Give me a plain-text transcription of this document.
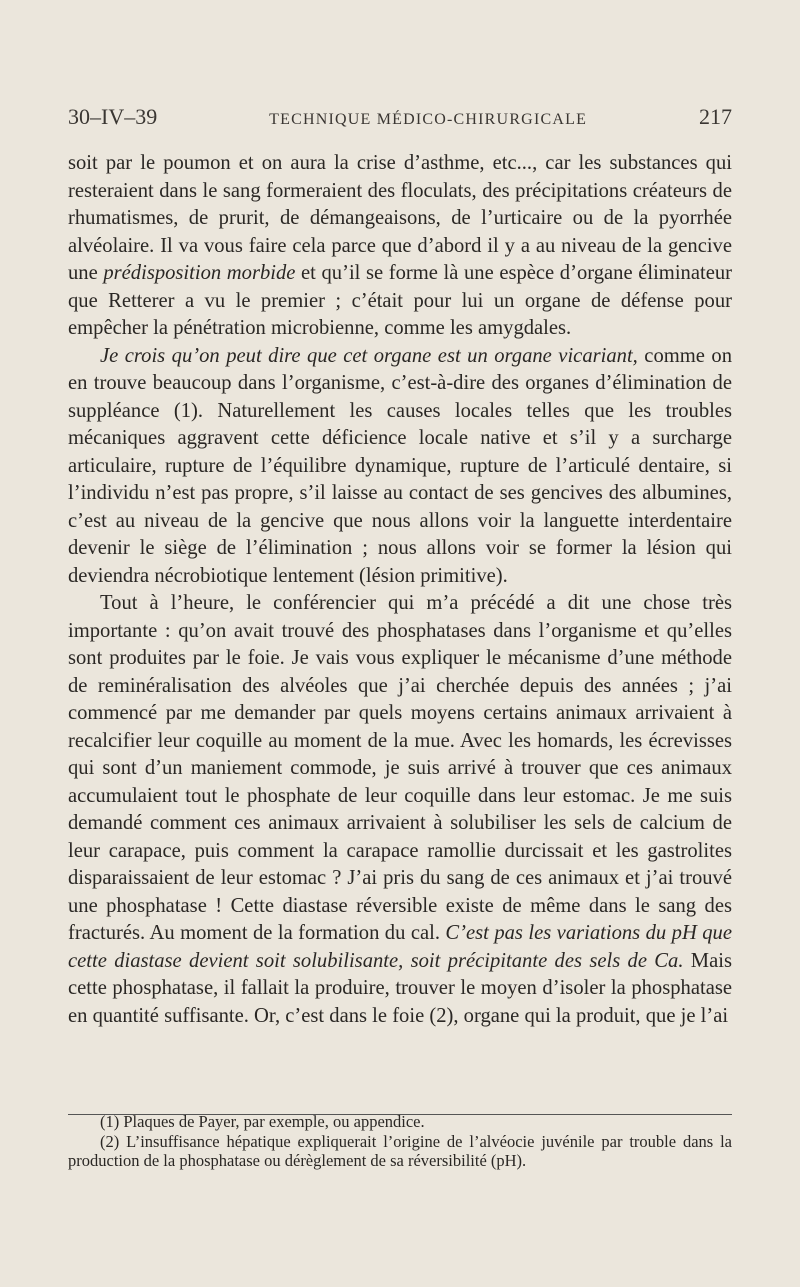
30–IV–39	TECHNIQUE MÉDICO-CHIRURGICALE	217

soit par le poumon et on aura la crise d’asthme, etc..., car les substances qui resteraient dans le sang formeraient des floculats, des précipitations créateurs de rhumatismes, de prurit, de démangeaisons, de l’urticaire ou de la pyorrhée alvéolaire. Il va vous faire cela parce que d’abord il y a au niveau de la gencive une prédisposition morbide et qu’il se forme là une espèce d’organe éliminateur que Retterer a vu le premier ; c’était pour lui un organe de défense pour empêcher la pénétration microbienne, comme les amygdales.

Je crois qu’on peut dire que cet organe est un organe vicariant, comme on en trouve beaucoup dans l’organisme, c’est-à-dire des organes d’élimination de suppléance (1). Naturellement les causes locales telles que les troubles mécaniques aggravent cette déficience locale native et s’il y a surcharge articulaire, rupture de l’équilibre dynamique, rupture de l’articulé dentaire, si l’individu n’est pas propre, s’il laisse au contact de ses gencives des albumines, c’est au niveau de la gencive que nous allons voir la languette interdentaire devenir le siège de l’élimination ; nous allons voir se former la lésion qui deviendra nécrobiotique lentement (lésion primitive).

Tout à l’heure, le conférencier qui m’a précédé a dit une chose très importante : qu’on avait trouvé des phosphatases dans l’organisme et qu’elles sont produites par le foie. Je vais vous expliquer le mécanisme d’une méthode de reminéralisation des alvéoles que j’ai cherchée depuis des années ; j’ai commencé par me demander par quels moyens certains animaux arrivaient à recalcifier leur coquille au moment de la mue. Avec les homards, les écrevisses qui sont d’un maniement commode, je suis arrivé à trouver que ces animaux accumulaient tout le phosphate de leur coquille dans leur estomac. Je me suis demandé comment ces animaux arrivaient à solubiliser les sels de calcium de leur carapace, puis comment la carapace ramollie durcissait et les gastrolites disparaissaient de leur estomac ? J’ai pris du sang de ces animaux et j’ai trouvé une phosphatase ! Cette diastase réversible existe de même dans le sang des fracturés. Au moment de la formation du cal. C’est pas les variations du pH que cette diastase devient soit solubilisante, soit précipitante des sels de Ca. Mais cette phosphatase, il fallait la produire, trouver le moyen d’isoler la phosphatase en quantité suffisante. Or, c’est dans le foie (2), organe qui la produit, que je l’ai

(1) Plaques de Payer, par exemple, ou appendice.

(2) L’insuffisance hépatique expliquerait l’origine de l’alvéocie juvénile par trouble dans la production de la phosphatase ou dérèglement de sa réversibilité (pH).
